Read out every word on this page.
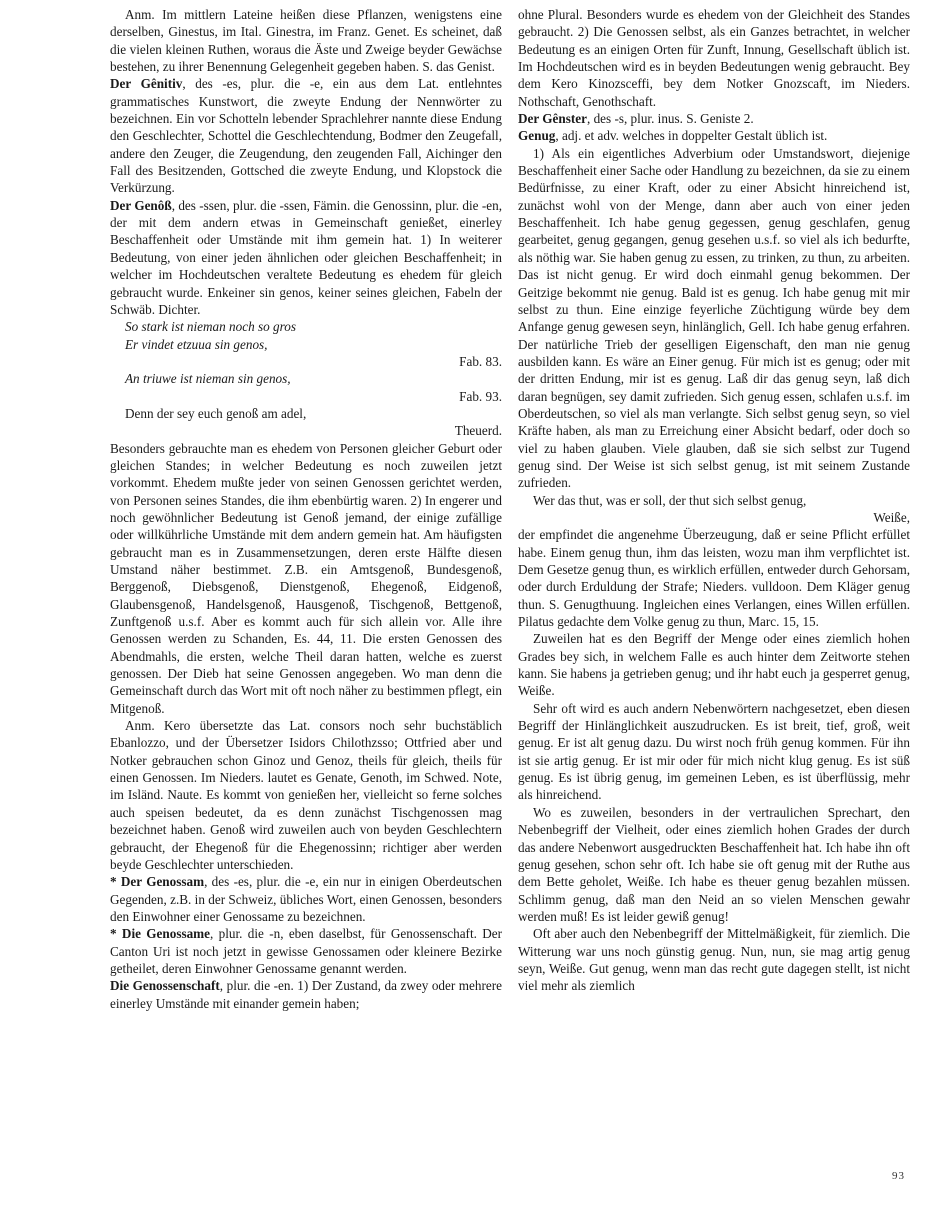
Anm. Im mittlern Lateine heißen diese Pflanzen, wenigstens eine derselben, Ginestus, im Ital. Ginestra, im Franz. Genet. Es scheinet, daß die vielen kleinen Ruthen, woraus die Äste und Zweige beyder Gewächse bestehen, zu ihrer Benennung Gelegenheit gegeben haben. S. das Genist.

Der Gênitiv, des -es, plur. die -e, ein aus dem Lat. entlehntes grammatisches Kunstwort, die zweyte Endung der Nennwörter zu bezeichnen. Ein vor Schotteln lebender Sprachlehrer nannte diese Endung den Geschlechter, Schottel die Geschlechtendung, Bodmer den Zeugefall, andere den Zeuger, die Zeugendung, den zeugenden Fall, Aichinger den Fall des Besitzenden, Gottsched die zweyte Endung, und Klopstock die Verkürzung.

Der Genôß, des -ssen, plur. die -ssen, Fämin. die Genossinn, plur. die -en, der mit dem andern etwas in Gemeinschaft genießet, einerley Beschaffenheit oder Umstände mit ihm gemein hat. 1) In weiterer Bedeutung, von einer jeden ähnlichen oder gleichen Beschaffenheit; in welcher im Hochdeutschen veraltete Bedeutung es ehedem für gleich gebraucht wurde. Enkeiner sin genos, keiner seines gleichen, Fabeln der Schwäb. Dichter.

So stark ist nieman noch so gros

Er vindet etzuua sin genos,

Fab. 83.

An triuwe ist nieman sin genos,

Fab. 93.

Denn der sey euch genoß am adel,

Theuerd.

Besonders gebrauchte man es ehedem von Personen gleicher Geburt oder gleichen Standes; in welcher Bedeutung es noch zuweilen jetzt vorkommt. Ehedem mußte jeder von seinen Genossen gerichtet werden, von Personen seines Standes, die ihm ebenbürtig waren. 2) In engerer und noch gewöhnlicher Bedeutung ist Genoß jemand, der einige zufällige oder willkührliche Umstände mit dem andern gemein hat. Am häufigsten gebraucht man es in Zusammensetzungen, deren erste Hälfte diesen Umstand näher bestimmet. Z.B. ein Amtsgenoß, Bundesgenoß, Berggenoß, Diebsgenoß, Dienstgenoß, Ehegenoß, Eidgenoß, Glaubensgenoß, Handelsgenoß, Hausgenoß, Tischgenoß, Bettgenoß, Zunftgenoß u.s.f. Aber es kommt auch für sich allein vor. Alle ihre Genossen werden zu Schanden, Es. 44, 11. Die ersten Genossen des Abendmahls, die ersten, welche Theil daran hatten, welche es zuerst genossen. Der Dieb hat seine Genossen angegeben. Wo man denn die Gemeinschaft durch das Wort mit oft noch näher zu bestimmen pflegt, ein Mitgenoß.

Anm. Kero übersetzte das Lat. consors noch sehr buchstäblich Ebanlozzo, und der Übersetzer Isidors Chilothzsso; Ottfried aber und Notker gebrauchen schon Ginoz und Genoz, theils für gleich, theils für einen Genossen. Im Nieders. lautet es Genate, Genoth, im Schwed. Note, im Isländ. Naute. Es kommt von genießen her, vielleicht so ferne solches auch speisen bedeutet, da es denn zunächst Tischgenossen mag bezeichnet haben. Genoß wird zuweilen auch von beyden Geschlechtern gebraucht, der Ehegenoß für die Ehegenossinn; richtiger aber werden beyde Geschlechter unterschieden.

* Der Genossam, des -es, plur. die -e, ein nur in einigen Oberdeutschen Gegenden, z.B. in der Schweiz, übliches Wort, einen Genossen, besonders den Einwohner einer Genossame zu bezeichnen.

* Die Genossame, plur. die -n, eben daselbst, für Genossenschaft. Der Canton Uri ist noch jetzt in gewisse Genossamen oder kleinere Bezirke getheilet, deren Einwohner Genossame genannt werden.

Die Genossenschaft, plur. die -en. 1) Der Zustand, da zwey oder mehrere einerley Umstände mit einander gemein haben;

ohne Plural. Besonders wurde es ehedem von der Gleichheit des Standes gebraucht. 2) Die Genossen selbst, als ein Ganzes betrachtet, in welcher Bedeutung es an einigen Orten für Zunft, Innung, Gesellschaft üblich ist. Im Hochdeutschen wird es in beyden Bedeutungen wenig gebraucht. Bey dem Kero Kinozsceffi, bey dem Notker Gnozscaft, im Nieders. Nothschaft, Genothschaft.

Der Gênster, des -s, plur. inus. S. Geniste 2.

Genug, adj. et adv. welches in doppelter Gestalt üblich ist.

1) Als ein eigentliches Adverbium oder Umstandswort, diejenige Beschaffenheit einer Sache oder Handlung zu bezeichnen, da sie zu einem Bedürfnisse, zu einer Kraft, oder zu einer Absicht hinreichend ist, zunächst wohl von der Menge, dann aber auch von einer jeden Beschaffenheit. Ich habe genug gegessen, genug geschlafen, genug gearbeitet, genug gegangen, genug gesehen u.s.f. so viel als ich bedurfte, als nöthig war. Sie haben genug zu essen, zu trinken, zu thun, zu arbeiten. Das ist nicht genug. Er wird doch einmahl genug bekommen. Der Geitzige bekommt nie genug. Bald ist es genug. Ich habe genug mit mir selbst zu thun. Eine einzige feyerliche Züchtigung würde bey dem Anfange genug gewesen seyn, hinlänglich, Gell. Ich habe genug erfahren. Der natürliche Trieb der geselligen Eigenschaft, den man nie genug ausbilden kann. Es wäre an Einer genug. Für mich ist es genug; oder mit der dritten Endung, mir ist es genug. Laß dir das genug seyn, laß dich daran begnügen, sey damit zufrieden. Sich genug essen, schlafen u.s.f. im Oberdeutschen, so viel als man verlangte. Sich selbst genug seyn, so viel Kräfte haben, als man zu Erreichung einer Absicht bedarf, oder doch so viel zu haben glauben. Viele glauben, daß sie sich selbst zur Tugend genug sind. Der Weise ist sich selbst genug, ist mit seinem Zustande zufrieden.

Wer das thut, was er soll, der thut sich selbst genug,

Weiße,

der empfindet die angenehme Überzeugung, daß er seine Pflicht erfüllet habe. Einem genug thun, ihm das leisten, wozu man ihm verpflichtet ist. Dem Gesetze genug thun, es wirklich erfüllen, entweder durch Gehorsam, oder durch Erduldung der Strafe; Nieders. vulldoon. Dem Kläger genug thun. S. Genugthuung. Ingleichen eines Verlangen, eines Willen erfüllen. Pilatus gedachte dem Volke genug zu thun, Marc. 15, 15.

Zuweilen hat es den Begriff der Menge oder eines ziemlich hohen Grades bey sich, in welchem Falle es auch hinter dem Zeitworte stehen kann. Sie habens ja getrieben genug; und ihr habt euch ja gesperret genug, Weiße.

Sehr oft wird es auch andern Nebenwörtern nachgesetzet, eben diesen Begriff der Hinlänglichkeit auszudrucken. Es ist breit, tief, groß, weit genug. Er ist alt genug dazu. Du wirst noch früh genug kommen. Für ihn ist sie artig genug. Er ist mir oder für mich nicht klug genug. Es ist süß genug. Es ist übrig genug, im gemeinen Leben, es ist überflüssig, mehr als hinreichend.

Wo es zuweilen, besonders in der vertraulichen Sprechart, den Nebenbegriff der Vielheit, oder eines ziemlich hohen Grades der durch das andere Nebenwort ausgedruckten Beschaffenheit hat. Ich habe ihn oft genug gesehen, schon sehr oft. Ich habe sie oft genug mit der Ruthe aus dem Bette geholet, Weiße. Ich habe es theuer genug bezahlen müssen. Schlimm genug, daß man den Neid an so vielen Menschen gewahr werden muß! Es ist leider gewiß genug!

Oft aber auch den Nebenbegriff der Mittelmäßigkeit, für ziemlich. Die Witterung war uns noch günstig genug. Nun, nun, sie mag artig genug seyn, Weiße. Gut genug, wenn man das recht gute dagegen stellt, ist nicht viel mehr als ziemlich

93
